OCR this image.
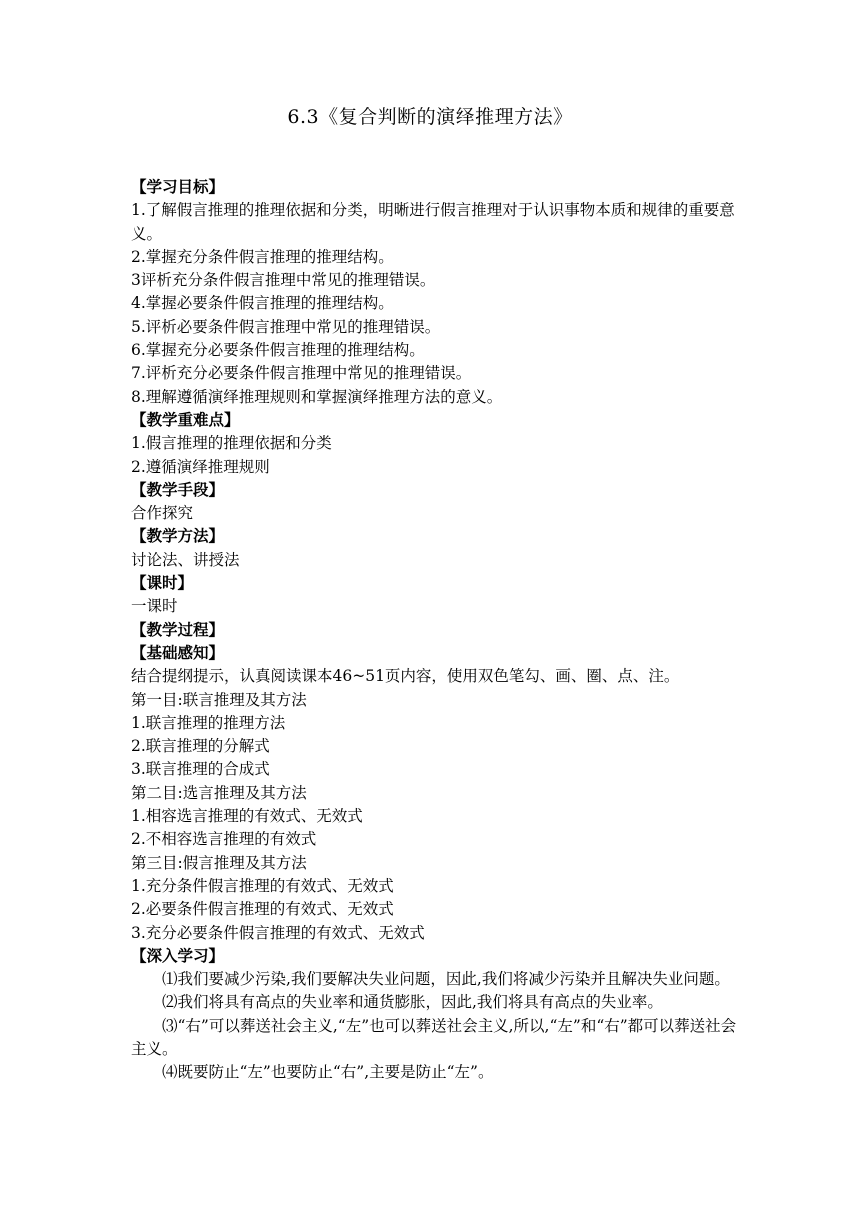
6.3《复合判断的演绎推理方法》
【学习目标】
1.了解假言推理的推理依据和分类，明晰进行假言推理对于认识事物本质和规律的重要意义。
2.掌握充分条件假言推理的推理结构。
3评析充分条件假言推理中常见的推理错误。
4.掌握必要条件假言推理的推理结构。
5.评析必要条件假言推理中常见的推理错误。
6.掌握充分必要条件假言推理的推理结构。
7.评析充分必要条件假言推理中常见的推理错误。
8.理解遵循演绎推理规则和掌握演绎推理方法的意义。
【教学重难点】
1.假言推理的推理依据和分类
2.遵循演绎推理规则
【教学手段】
合作探究
【教学方法】
讨论法、讲授法
【课时】
一课时
【教学过程】
【基础感知】
结合提纲提示，认真阅读课本46~51页内容，使用双色笔勾、画、圈、点、注。
第一目:联言推理及其方法
1.联言推理的推理方法
2.联言推理的分解式
3.联言推理的合成式
第二目:选言推理及其方法
1.相容选言推理的有效式、无效式
2.不相容选言推理的有效式
第三目:假言推理及其方法
1.充分条件假言推理的有效式、无效式
2.必要条件假言推理的有效式、无效式
3.充分必要条件假言推理的有效式、无效式
【深入学习】
⑴我们要减少污染,我们要解决失业问题，因此,我们将减少污染并且解决失业问题。
⑵我们将具有高点的失业率和通货膨胀，因此,我们将具有高点的失业率。
⑶“右”可以葬送社会主义,“左”也可以葬送社会主义,所以,“左”和“右”都可以葬送社会主义。
⑷既要防止“左”也要防止“右”,主要是防止“左”。
